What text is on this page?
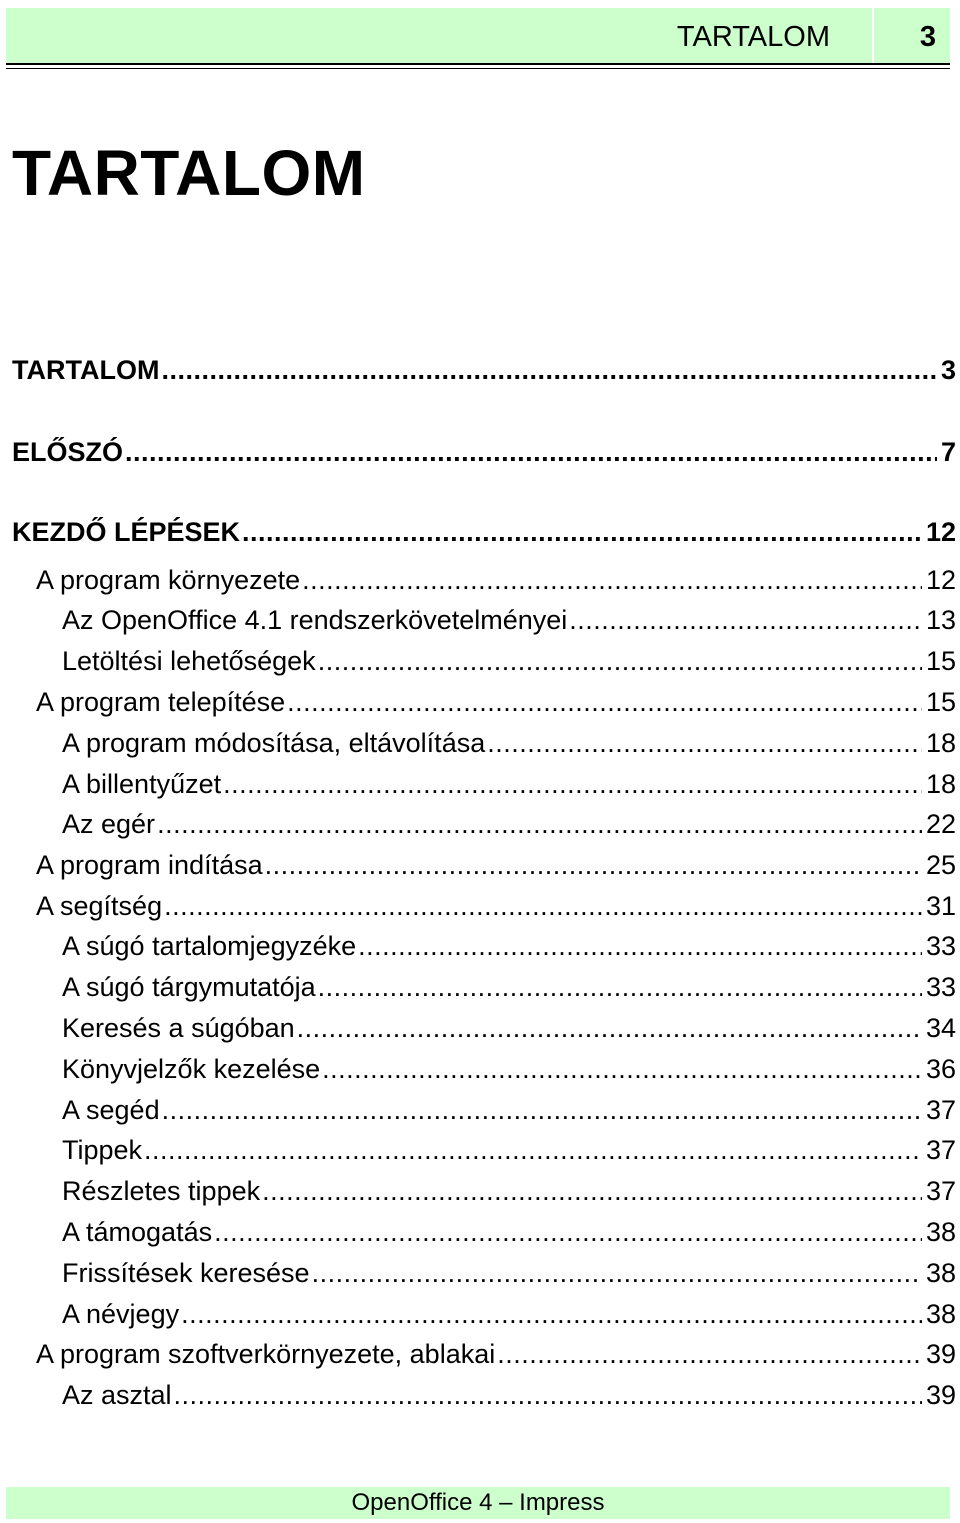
TARTALOM	3
TARTALOM
TARTALOM .....	3
ELŐSZÓ .....	7
KEZDŐ LÉPÉSEK .....	12
A program környezete .....	12
Az OpenOffice 4.1 rendszerkövetelményei .....	13
Letöltési lehetőségek .....	15
A program telepítése .....	15
A program módosítása, eltávolítása .....	18
A billentyűzet .....	18
Az egér .....	22
A program indítása .....	25
A segítség .....	31
A súgó tartalomjegyzéke .....	33
A súgó tárgymutatója .....	33
Keresés a súgóban .....	34
Könyvjelzők kezelése .....	36
A segéd .....	37
Tippek .....	37
Részletes tippek .....	37
A támogatás .....	38
Frissítések keresése .....	38
A névjegy .....	38
A program szoftverkörnyezete, ablakai .....	39
Az asztal .....	39
OpenOffice 4 – Impress
